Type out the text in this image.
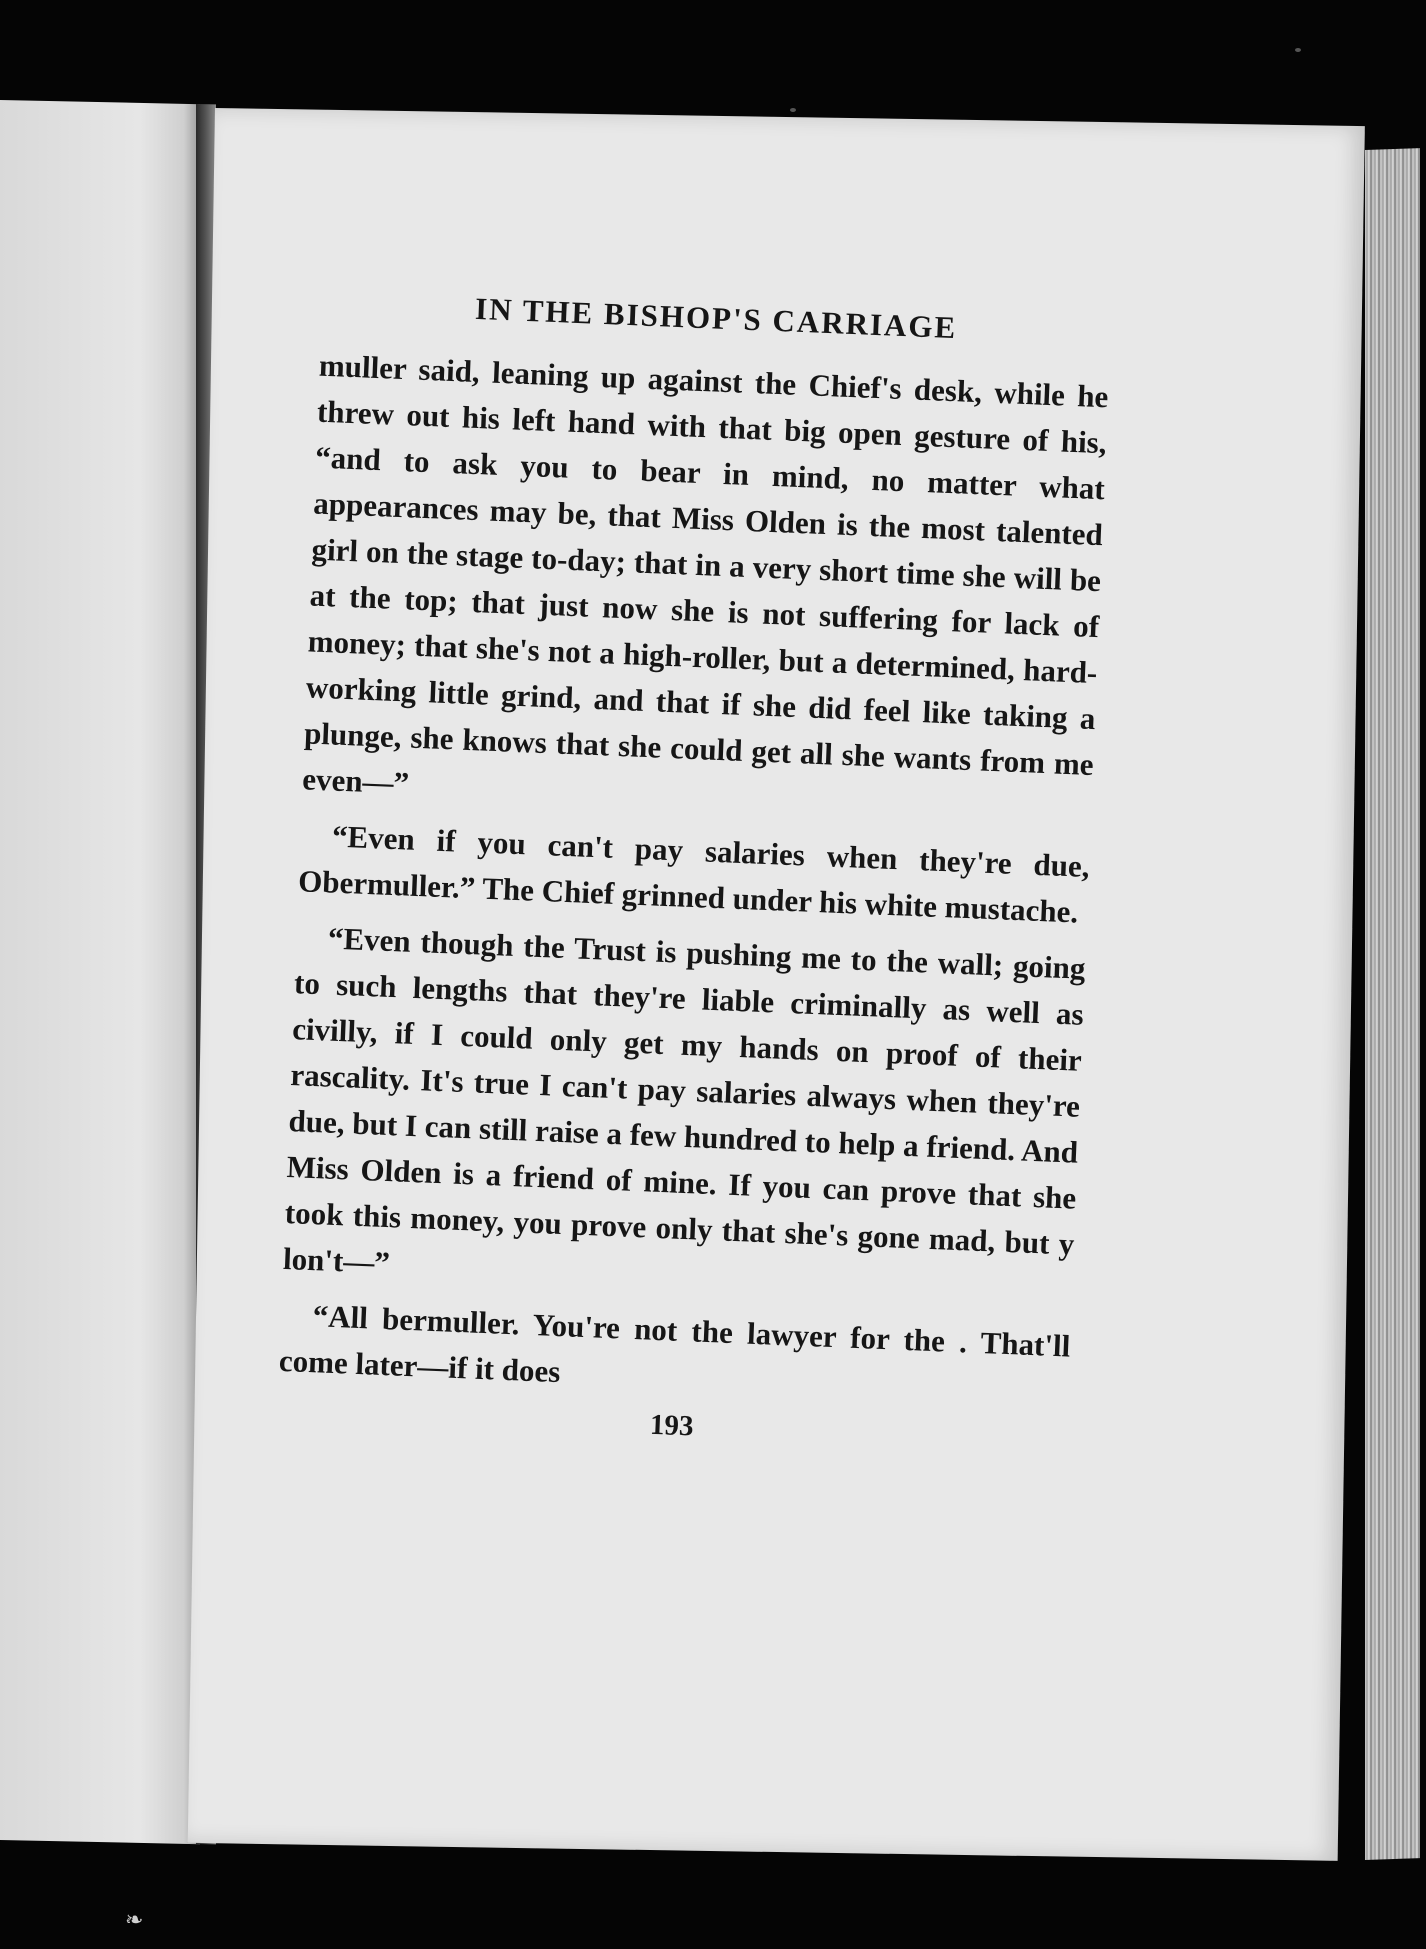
IN THE BISHOP'S CARRIAGE

muller said, leaning up against the Chief's desk, while he threw out his left hand with that big open gesture of his, “and to ask you to bear in mind, no matter what appearances may be, that Miss Olden is the most talented girl on the stage to-day; that in a very short time she will be at the top; that just now she is not suffering for lack of money; that she's not a high-roller, but a determined, hard-working little grind, and that if she did feel like taking a plunge, she knows that she could get all she wants from me even—”

“Even if you can't pay salaries when they're due, Obermuller.” The Chief grinned under his white mustache.

“Even though the Trust is pushing me to the wall; going to such lengths that they're liable criminally as well as civilly, if I could only get my hands on proof of their rascality. It's true I can't pay salaries always when they're due, but I can still raise a few hundred to help a friend. And Miss Olden is a friend of mine. If you can prove that she took this money, you prove only that she's gone mad, but y lon't—”

“All bermuller. You're not the lawyer for the . That'll come later—if it does

193
❧
